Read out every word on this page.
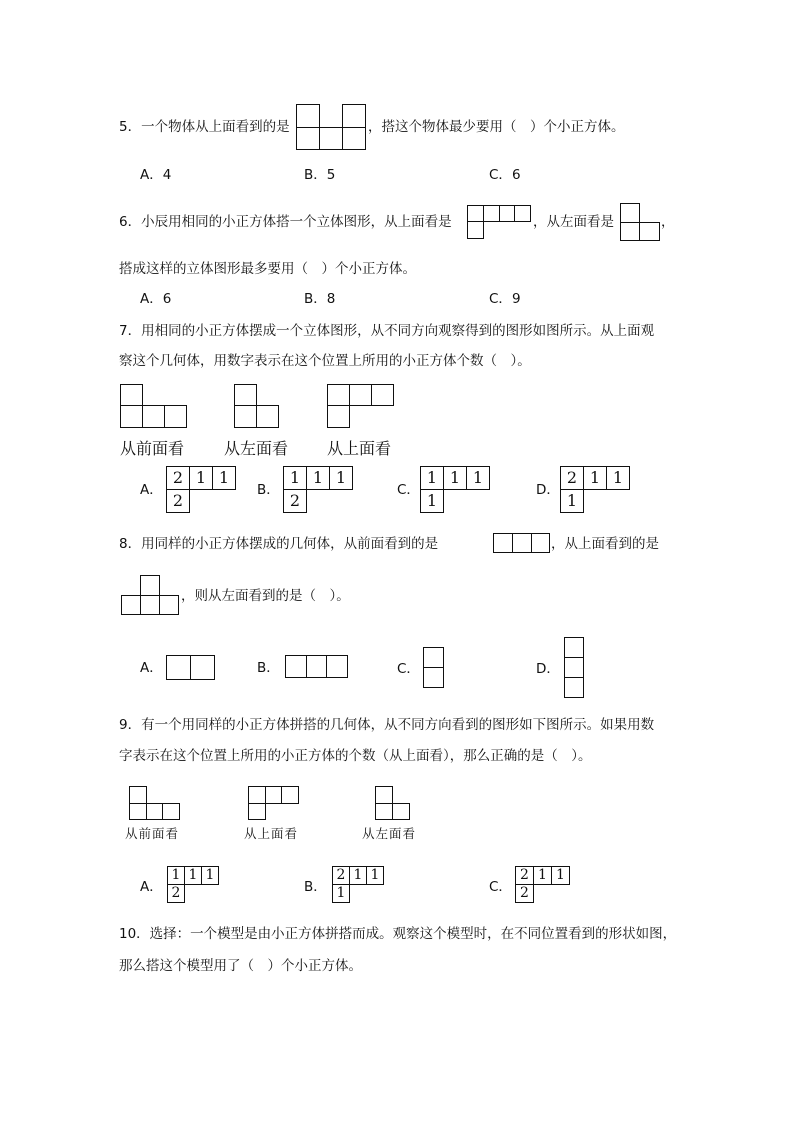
5．一个物体从上面看到的是	，搭这个物体最少要用（　）个小正方体。
A．4	B．5	C．6
6．小辰用相同的小正方体搭一个立体图形，从上面看是	，从左面看是	，
搭成这样的立体图形最多要用（　）个小正方体。
A．6	B．8	C．9
7．用相同的小正方体摆成一个立体图形，从不同方向观察得到的图形如图所示。从上面观
察这个几何体，用数字表示在这个位置上所用的小正方体个数（　）。
从前面看 从左面看 从上面看
A．
2 1 1
2
B．
1 1 1
2
C．
1 1 1
1
D．
2 1 1
1
8．用同样的小正方体摆成的几何体，从前面看到的是	，从上面看到的是
，则从左面看到的是（　）。
A．	B．	C．	D．
9．有一个用同样的小正方体拼搭的几何体，从不同方向看到的图形如下图所示。如果用数
字表示在这个位置上所用的小正方体的个数（从上面看），那么正确的是（　）。
从前面看	从上面看	从左面看
A．
1 1 1
2	B．
2 1 1
1	C．
2 1 1
2
10．选择：一个模型是由小正方体拼搭而成。观察这个模型时，在不同位置看到的形状如图，
那么搭这个模型用了（　）个小正方体。
